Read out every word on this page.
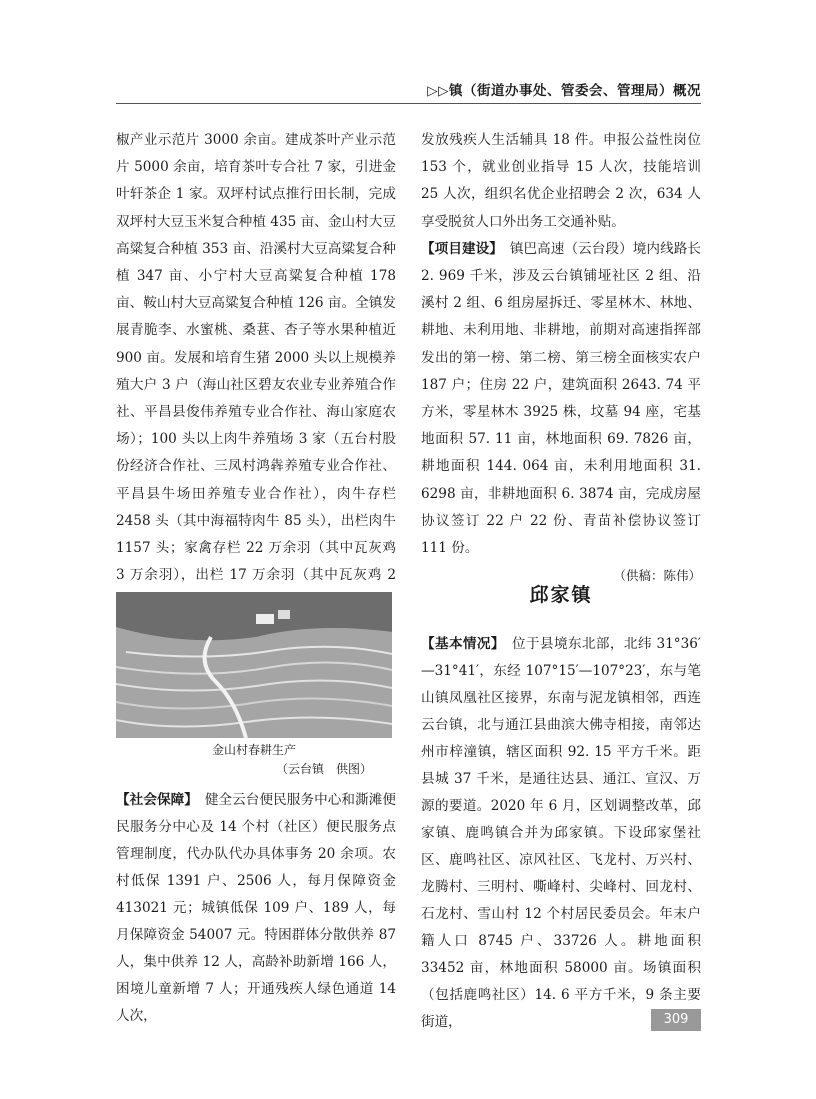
▷▷镇（街道办事处、管委会、管理局）概况

椒产业示范片 3000 余亩。建成茶叶产业示范片 5000 余亩，培育茶叶专合社 7 家，引进金叶轩茶企 1 家。双坪村试点推行田长制，完成双坪村大豆玉米复合种植 435 亩、金山村大豆高粱复合种植 353 亩、沿溪村大豆高粱复合种植 347 亩、小宁村大豆高粱复合种植 178 亩、鞍山村大豆高粱复合种植 126 亩。全镇发展青脆李、水蜜桃、桑葚、杏子等水果种植近 900 亩。发展和培育生猪 2000 头以上规模养殖大户 3 户（海山社区碧友农业专业养殖合作社、平昌县俊伟养殖专业合作社、海山家庭农场）；100 头以上肉牛养殖场 3 家（五台村股份经济合作社、三凤村鸿犇养殖专业合作社、平昌县牛场田养殖专业合作社），肉牛存栏 2458 头（其中海福特肉牛 85 头），出栏肉牛 1157 头；家禽存栏 22 万余羽（其中瓦灰鸡 3 万余羽），出栏 17 万余羽（其中瓦灰鸡 2

金山村春耕生产
（云台镇　供图）
【社会保障】　健全云台便民服务中心和澌滩便民服务分中心及 14 个村（社区）便民服务点管理制度，代办队代办具体事务 20 余项。农村低保 1391 户、2506 人，每月保障资金 413021 元；城镇低保 109 户、189 人，每月保障资金 54007 元。特困群体分散供养 87 人，集中供养 12 人，高龄补助新增 166 人，困境儿童新增 7 人；开通残疾人绿色通道 14 人次，

发放残疾人生活辅具 18 件。申报公益性岗位 153 个，就业创业指导 15 人次，技能培训 25 人次，组织名优企业招聘会 2 次，634 人享受脱贫人口外出务工交通补贴。

【项目建设】　镇巴高速（云台段）境内线路长 2. 969 千米，涉及云台镇铺垭社区 2 组、沿溪村 2 组、6 组房屋拆迁、零星林木、林地、耕地、未利用地、非耕地，前期对高速指挥部发出的第一榜、第二榜、第三榜全面核实农户 187 户；住房 22 户，建筑面积 2643. 74 平方米，零星林木 3925 株，坟墓 94 座，宅基地面积 57. 11 亩，林地面积 69. 7826 亩，耕地面积 144. 064 亩，未利用地面积 31. 6298 亩，非耕地面积 6. 3874 亩，完成房屋协议签订 22 户 22 份、青苗补偿协议签订 111 份。

（供稿：陈伟）

邱家镇
【基本情况】　位于县境东北部，北纬 31°36′—31°41′，东经 107°15′—107°23′，东与笔山镇凤凰社区接界，东南与泥龙镇相邻，西连云台镇，北与通江县曲滨大佛寺相接，南邻达州市梓潼镇，辖区面积 92. 15 平方千米。距县城 37 千米，是通往达县、通江、宣汉、万源的要道。2020 年 6 月，区划调整改革，邱家镇、鹿鸣镇合并为邱家镇。下设邱家堡社区、鹿鸣社区、凉风社区、飞龙村、万兴村、龙腾村、三明村、嘶峰村、尖峰村、回龙村、石龙村、雪山村 12 个村居民委员会。年末户籍人口 8745 户、33726 人。耕地面积 33452 亩，林地面积 58000 亩。场镇面积（包括鹿鸣社区）14. 6 平方千米，9 条主要街道，	309
